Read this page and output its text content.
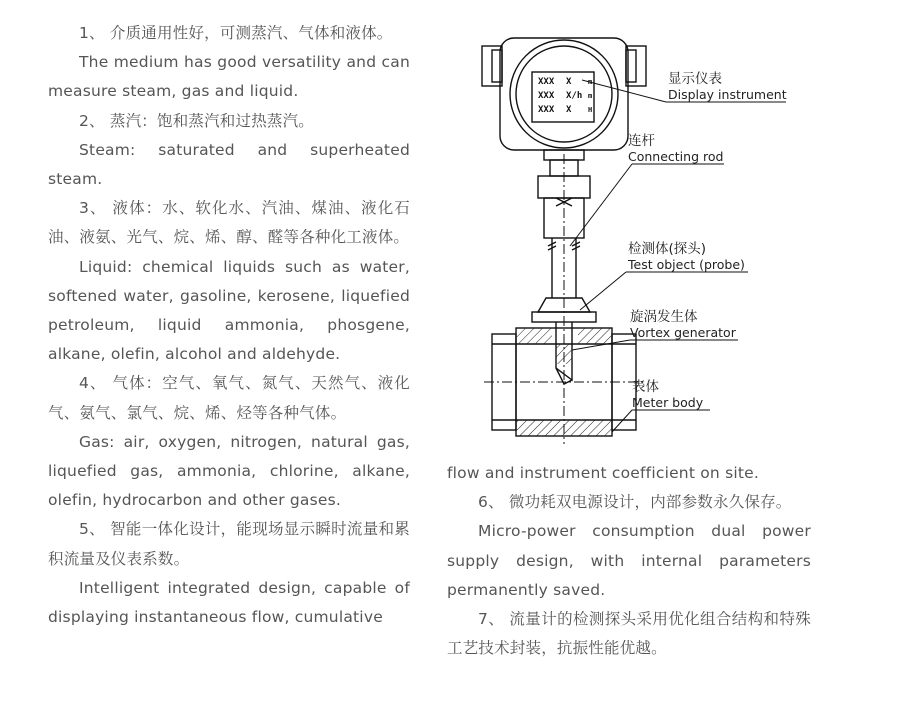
1、 介质通用性好，可测蒸汽、气体和液体。

The medium has good versatility and can measure steam, gas and liquid.

2、 蒸汽：饱和蒸汽和过热蒸汽。

Steam: saturated and superheated steam.

3、 液体：水、软化水、汽油、煤油、液化石油、液氨、光气、烷、烯、醇、醛等各种化工液体。

Liquid: chemical liquids such as water, softened water, gasoline, kerosene, liquefied petroleum, liquid ammonia, phosgene, alkane, olefin, alcohol and aldehyde.

4、 气体：空气、氧气、氮气、天然气、液化气、氨气、氯气、烷、烯、烃等各种气体。

Gas: air, oxygen, nitrogen, natural gas, liquefied gas, ammonia, chlorine, alkane, olefin, hydrocarbon and other gases.

5、 智能一体化设计，能现场显示瞬时流量和累积流量及仪表系数。

Intelligent integrated design, capable of displaying instantaneous flow, cumulative

XXX X
XXX X/h
XXX X
m
m
H
显示仪表
Display instrument
连杆
Connecting rod
检测体(探头)
Test object (probe)
旋涡发生体
Vortex generator
表体
Meter body

flow and instrument coefficient on site.

6、 微功耗双电源设计，内部参数永久保存。

Micro-power consumption dual power supply design, with internal parameters permanently saved.

7、 流量计的检测探头采用优化组合结构和特殊工艺技术封装，抗振性能优越。
